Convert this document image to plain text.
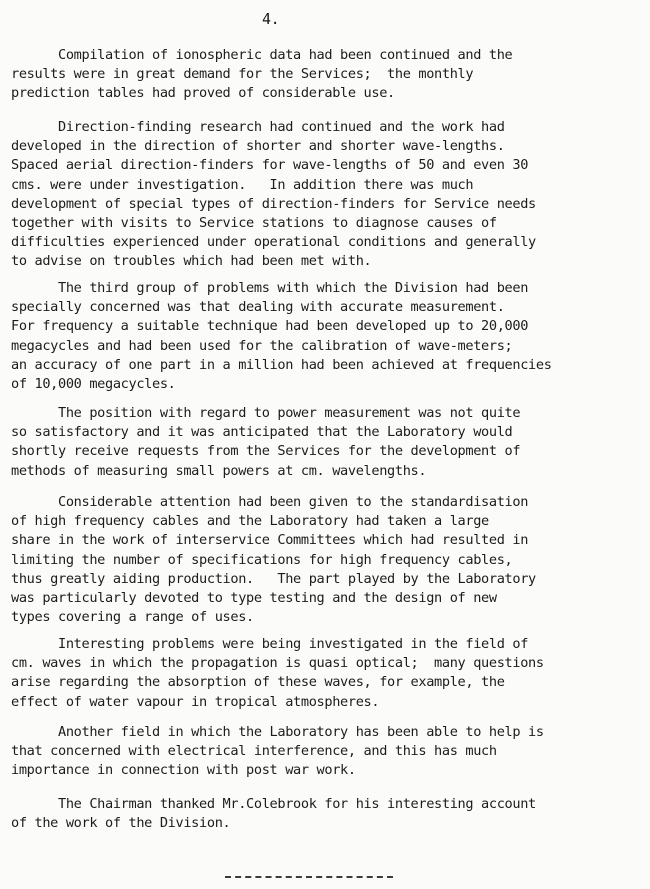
4.
Compilation of ionospheric data had been continued and the
results were in great demand for the Services;  the monthly
prediction tables had proved of considerable use.
Direction-finding research had continued and the work had
developed in the direction of shorter and shorter wave-lengths.
Spaced aerial direction-finders for wave-lengths of 50 and even 30
cms. were under investigation.   In addition there was much
development of special types of direction-finders for Service needs
together with visits to Service stations to diagnose causes of
difficulties experienced under operational conditions and generally
to advise on troubles which had been met with.
The third group of problems with which the Division had been
specially concerned was that dealing with accurate measurement.
For frequency a suitable technique had been developed up to 20,000
megacycles and had been used for the calibration of wave-meters;
an accuracy of one part in a million had been achieved at frequencies
of 10,000 megacycles.
The position with regard to power measurement was not quite
so satisfactory and it was anticipated that the Laboratory would
shortly receive requests from the Services for the development of
methods of measuring small powers at cm. wavelengths.
Considerable attention had been given to the standardisation
of high frequency cables and the Laboratory had taken a large
share in the work of interservice Committees which had resulted in
limiting the number of specifications for high frequency cables,
thus greatly aiding production.   The part played by the Laboratory
was particularly devoted to type testing and the design of new
types covering a range of uses.
Interesting problems were being investigated in the field of
cm. waves in which the propagation is quasi optical;  many questions
arise regarding the absorption of these waves, for example, the
effect of water vapour in tropical atmospheres.
Another field in which the Laboratory has been able to help is
that concerned with electrical interference, and this has much
importance in connection with post war work.
The Chairman thanked Mr.Colebrook for his interesting account
of the work of the Division.
